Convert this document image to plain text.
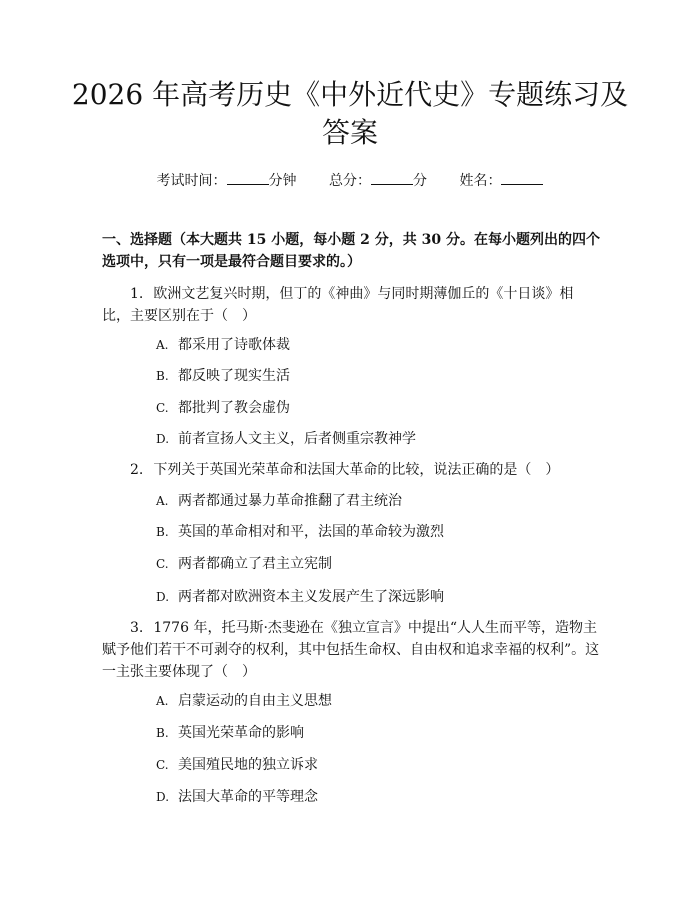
2026 年高考历史《中外近代史》专题练习及答案
考试时间：	分钟 总分：	分 姓名：

一、选择题（本大题共 15 小题，每小题 2 分，共 30 分。在每小题列出的四个选项中，只有一项是最符合题目要求的。）

1. 欧洲文艺复兴时期，但丁的《神曲》与同时期薄伽丘的《十日谈》相比，主要区别在于（　）

A. 都采用了诗歌体裁

B. 都反映了现实生活

C. 都批判了教会虚伪

D. 前者宣扬人文主义，后者侧重宗教神学

2. 下列关于英国光荣革命和法国大革命的比较，说法正确的是（　）

A. 两者都通过暴力革命推翻了君主统治

B. 英国的革命相对和平，法国的革命较为激烈

C. 两者都确立了君主立宪制

D. 两者都对欧洲资本主义发展产生了深远影响

3. 1776 年，托马斯·杰斐逊在《独立宣言》中提出“人人生而平等，造物主赋予他们若干不可剥夺的权利，其中包括生命权、自由权和追求幸福的权利”。这一主张主要体现了（　）

A. 启蒙运动的自由主义思想

B. 英国光荣革命的影响

C. 美国殖民地的独立诉求

D. 法国大革命的平等理念
